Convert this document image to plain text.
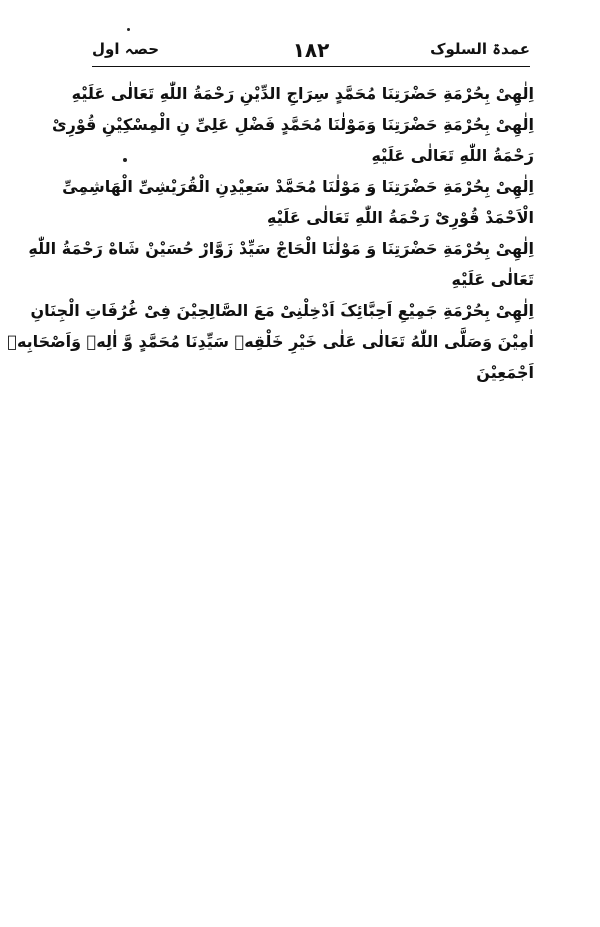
حصہ اول	۱۸۲	عمدۃ السلوک
اِلٰهِیْ بِحُرْمَةِ حَضْرَتِنَا مُحَمَّدٍ سِرَاجِ الدِّیْنِ رَحْمَةُ اللّٰهِ تَعَالٰی عَلَیْهِ
اِلٰهِیْ بِحُرْمَةِ حَضْرَتِنَا وَمَوْلٰنَا مُحَمَّدٍ فَضْلِ عَلِیِّ نِ الْمِسْکِیْنِ قُوْرِیْ
رَحْمَةُ اللّٰهِ تَعَالٰی عَلَیْهِ
اِلٰهِیْ بِحُرْمَةِ حَضْرَتِنَا وَ مَوْلٰنَا مُحَمَّدْ سَعِیْدِنِ الْقُرَیْشِیِّ الْهَاشِمِیِّ
الْاَحْمَدْ قُوْرِیْ رَحْمَةُ اللّٰهِ تَعَالٰی عَلَیْهِ
اِلٰهِیْ بِحُرْمَةِ حَضْرَتِنَا وَ مَوْلٰنَا الْحَاجْ سَیِّدْ زَوَّارْ حُسَیْنْ شَاهْ رَحْمَةُ اللّٰهِ
تَعَالٰی عَلَیْهِ
اِلٰهِیْ بِحُرْمَةِ جَمِیْعِ اَحِبَّائِکَ اَدْخِلْنِیْ مَعَ الصَّالِحِیْنَ فِیْ غُرُفَاتِ الْجِنَانِ
اٰمِیْنَ وَصَلَّی اللّٰهُ تَعَالٰی عَلٰی خَیْرِ خَلْقِهٖ سَیِّدِنَا مُحَمَّدٍ وَّ اٰلِهٖ وَاَصْحَابِهٖ
اَجْمَعِیْنَ
